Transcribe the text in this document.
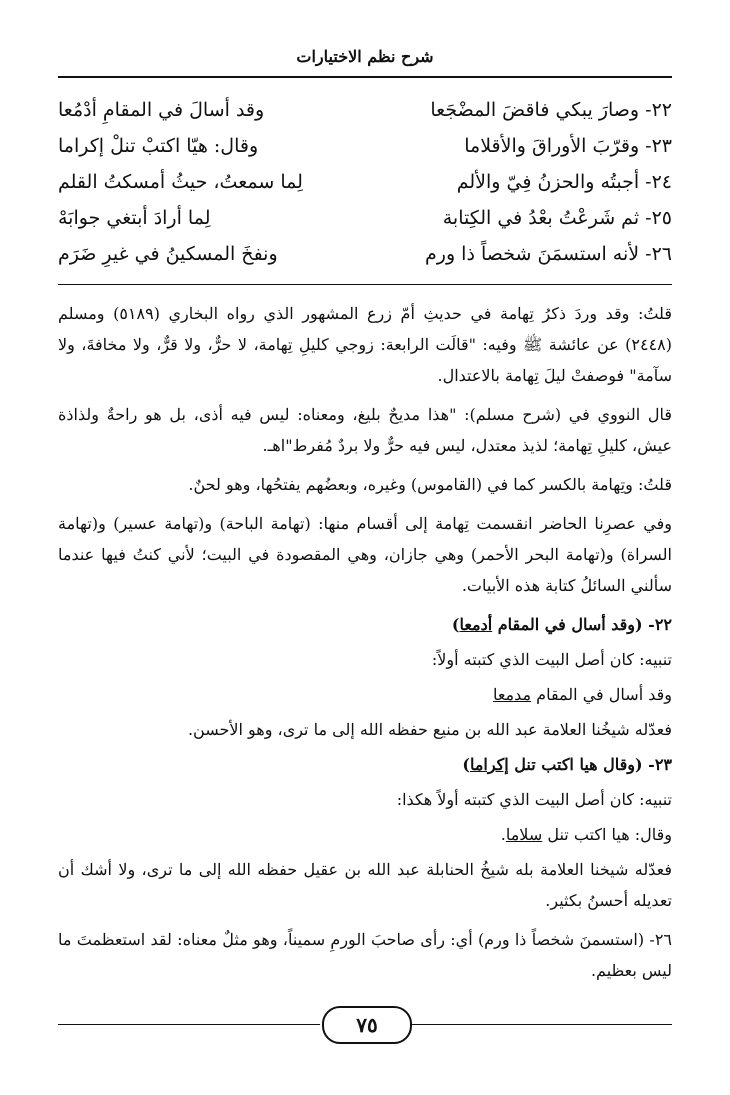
شرح نظم الاختيارات
٢٢- وصارَ يبكي فاقضَ المضْجَعا
وقد أسالَ في المقامِ أدْمُعا
٢٣- وقرّبَ الأوراقَ والأقلاما
وقال: هيّا اكتبْ تنلْ إكراما
٢٤- أجبتُه والحزنُ فِيّ والألم
لِما سمعتُ، حيثُ أمسكتُ القلم
٢٥- ثم شَرعْتُ بعْدُ في الكِتابة
لِما أرادَ أبتغي جوابَهْ
٢٦- لأنه استسمَنَ شخصاً ذا ورم
ونفخَ المسكينُ في غيرِ ضَرَم

قلتُ: وقد وردَ ذكرُ تِهامة في حديثِ أمّ زرع المشهور الذي رواه البخاري (٥١٨٩) ومسلم (٢٤٤٨) عن عائشة ﷺ وفيه: "قالَت الرابعة: زوجي كليلِ تِهامة، لا حرٌّ، ولا قرٌّ، ولا مخافةَ، ولا سآمة" فوصفتْ ليلَ تِهامة بالاعتدال.

قال النووي في (شرح مسلم): "هذا مديحٌ بليغ، ومعناه: ليس فيه أذى، بل هو راحةٌ ولذاذة عيش، كليلِ تِهامة؛ لذيذ معتدل، ليس فيه حرٌّ ولا بردٌ مُفرط"اهـ.

قلتُ: وتِهامة بالكسر كما في (القاموس) وغيره، وبعضُهم يفتحُها، وهو لحنٌ.

وفي عصرِنا الحاضر انقسمت تِهامة إلى أقسام منها: (تهامة الباحة) و(تهامة عسير) و(تهامة السراة) و(تهامة البحر الأحمر) وهي جازان، وهي المقصودة في البيت؛ لأني كنتُ فيها عندما سألني السائلُ كتابة هذه الأبيات.

٢٢- (وقد أسال في المقام أدمعا)

تنبيه: كان أصل البيت الذي كتبته أولاً:

وقد أسال في المقام مدمعا

فعدّله شيخُنا العلامة عبد الله بن منيع حفظه الله إلى ما ترى، وهو الأحسن.

٢٣- (وقال هيا اكتب تنل إكراما)

تنبيه: كان أصل البيت الذي كتبته أولاً هكذا:

وقال: هيا اكتب تنل سلاما.

فعدّله شيخنا العلامة بله شيخُ الحنابلة عبد الله بن عقيل حفظه الله إلى ما ترى، ولا أشك أن تعديله أحسنُ بكثير.

٢٦- (استسمنَ شخصاً ذا ورم) أي: رأى صاحبَ الورمِ سميناً، وهو مثلٌ معناه: لقد استعظمتَ ما ليس بعظيم.

٧٥
